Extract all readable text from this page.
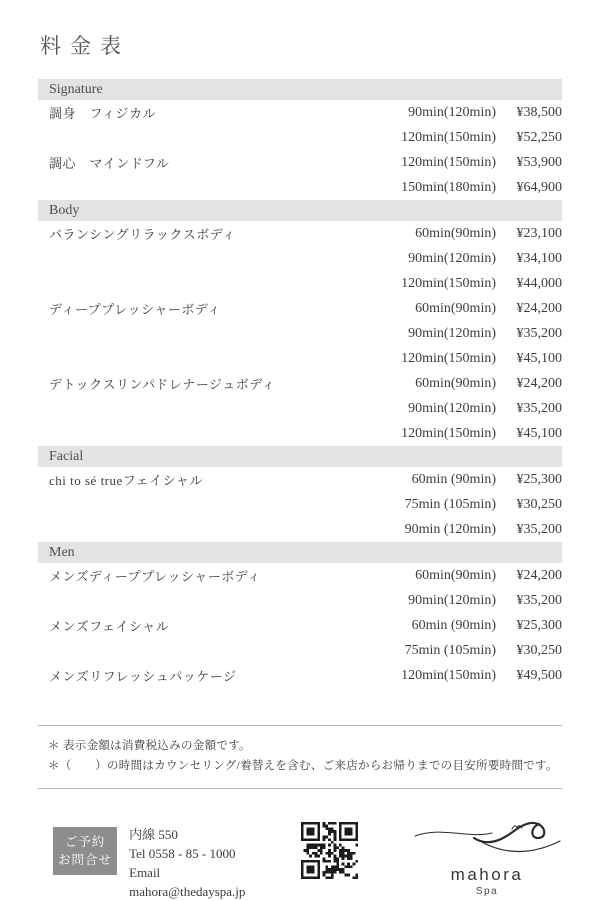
料金表
Signature
調身　フィジカル	90min(120min)	¥38,500
120min(150min)	¥52,250
調心　マインドフル	120min(150min)	¥53,900
150min(180min)	¥64,900
Body
バランシングリラックスボディ	60min(90min)	¥23,100
90min(120min)	¥34,100
120min(150min)	¥44,000
ディーププレッシャーボディ	60min(90min)	¥24,200
90min(120min)	¥35,200
120min(150min)	¥45,100
デトックスリンパドレナージュボディ	60min(90min)	¥24,200
90min(120min)	¥35,200
120min(150min)	¥45,100
Facial
chi to sé trueフェイシャル	60min (90min)	¥25,300
75min (105min)	¥30,250
90min (120min)	¥35,200
Men
メンズディーププレッシャーボディ	60min(90min)	¥24,200
90min(120min)	¥35,200
メンズフェイシャル	60min (90min)	¥25,300
75min (105min)	¥30,250
メンズリフレッシュパッケージ	120min(150min)	¥49,500

＊ 表示金額は消費税込みの金額です。

＊（　　）の時間はカウンセリング/着替えを含む、ご来店からお帰りまでの目安所要時間です。

ご予約
お問合せ
内線 550
Tel 0558 - 85 - 1000
Email mahora@thedayspa.jp
mahora
Spa
